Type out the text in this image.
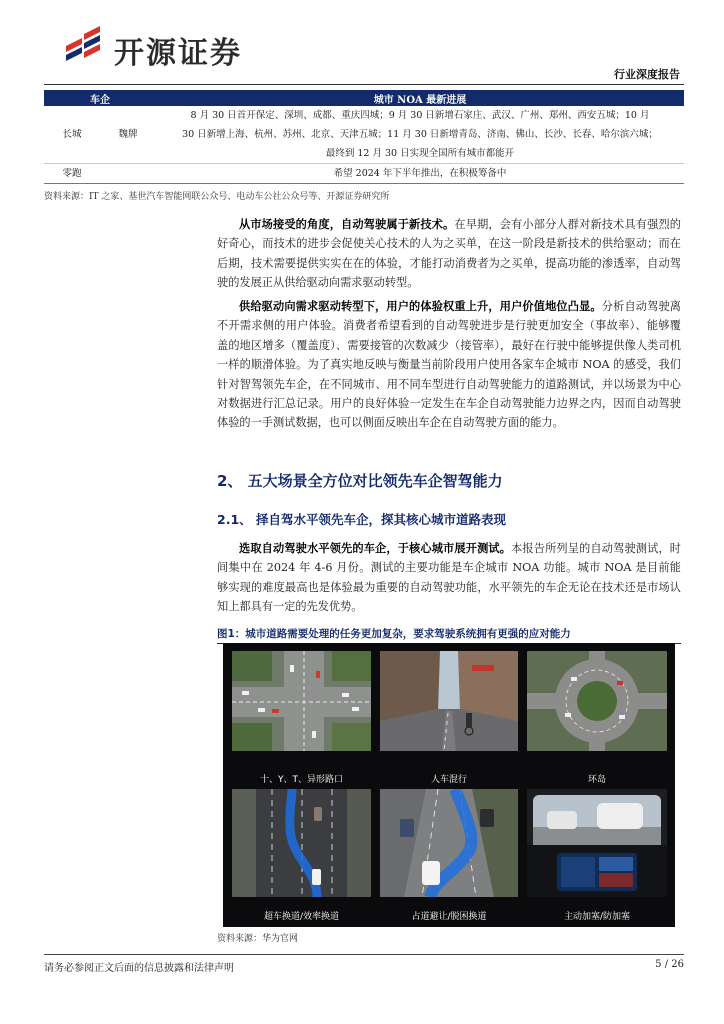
开源证券
行业深度报告
车企	城市 NOA 最新进展
长城	魏牌	8 月 30 日首开保定、深圳、成都、重庆四城；9 月 30 日新增石家庄、武汉、广州、郑州、西安五城；10 月
30 日新增上海、杭州、苏州、北京、天津五城；11 月 30 日新增青岛、济南、佛山、长沙、长春、哈尔滨六城；
最终到 12 月 30 日实现全国所有城市都能开

零跑		希望 2024 年下半年推出，在积极筹备中
资料来源：IT 之家、基世汽车智能网联公众号、电动车公社公众号等、开源证券研究所
从市场接受的角度，自动驾驶属于新技术。在早期，会有小部分人群对新技术具有强烈的好奇心，而技术的进步会促使关心技术的人为之买单，在这一阶段是新技术的供给驱动；而在后期，技术需要提供实实在在的体验，才能打动消费者为之买单，提高功能的渗透率，自动驾驶的发展正从供给驱动向需求驱动转型。
供给驱动向需求驱动转型下，用户的体验权重上升，用户价值地位凸显。分析自动驾驶离不开需求侧的用户体验。消费者希望看到的自动驾驶进步是行驶更加安全（事故率）、能够覆盖的地区增多（覆盖度）、需要接管的次数减少（接管率），最好在行驶中能够提供像人类司机一样的顺滑体验。为了真实地反映与衡量当前阶段用户使用各家车企城市 NOA 的感受，我们针对智驾领先车企，在不同城市、用不同车型进行自动驾驶能力的道路测试，并以场景为中心对数据进行汇总记录。用户的良好体验一定发生在车企自动驾驶能力边界之内，因而自动驾驶体验的一手测试数据，也可以侧面反映出车企在自动驾驶方面的能力。
2、 五大场景全方位对比领先车企智驾能力
2.1、 择自驾水平领先车企，探其核心城市道路表现
选取自动驾驶水平领先的车企，于核心城市展开测试。本报告所列呈的自动驾驶测试，时间集中在 2024 年 4-6 月份。测试的主要功能是车企城市 NOA 功能。城市 NOA 是目前能够实现的难度最高也是体验最为重要的自动驾驶功能，水平领先的车企无论在技术还是市场认知上都具有一定的先发优势。
图1：城市道路需要处理的任务更加复杂，要求驾驶系统拥有更强的应对能力
十、Y、T、异形路口	人车混行	环岛
超车换道/效率换道	占道避让/脱困换道	主动加塞/防加塞
资料来源：华为官网
请务必参阅正文后面的信息披露和法律声明	5 / 26
